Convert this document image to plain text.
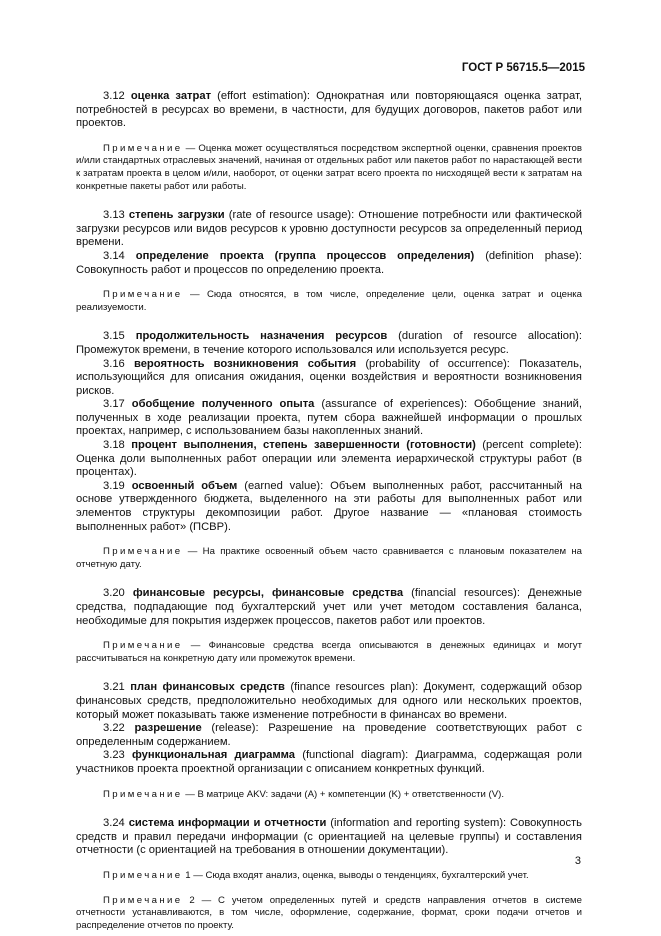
ГОСТ Р 56715.5—2015

3.12 оценка затрат (effort estimation): Однократная или повторяющаяся оценка затрат, потребностей в ресурсах во времени, в частности, для будущих договоров, пакетов работ или проектов.

Примечание — Оценка может осуществляться посредством экспертной оценки, сравнения проектов и/или стандартных отраслевых значений, начиная от отдельных работ или пакетов работ по нарастающей вести к затратам проекта в целом и/или, наоборот, от оценки затрат всего проекта по нисходящей вести к затратам на конкретные пакеты работ или работы.

3.13 степень загрузки (rate of resource usage): Отношение потребности или фактической загрузки ресурсов или видов ресурсов к уровню доступности ресурсов за определенный период времени.

3.14 определение проекта (группа процессов определения) (definition phase): Совокупность работ и процессов по определению проекта.

Примечание — Сюда относятся, в том числе, определение цели, оценка затрат и оценка реализуемости.

3.15 продолжительность назначения ресурсов (duration of resource allocation): Промежуток времени, в течение которого использовался или используется ресурс.

3.16 вероятность возникновения события (probability of occurrence): Показатель, использующийся для описания ожидания, оценки воздействия и вероятности возникновения рисков.

3.17 обобщение полученного опыта (assurance of experiences): Обобщение знаний, полученных в ходе реализации проекта, путем сбора важнейшей информации о прошлых проектах, например, с использованием базы накопленных знаний.

3.18 процент выполнения, степень завершенности (готовности) (percent complete): Оценка доли выполненных работ операции или элемента иерархической структуры работ (в процентах).

3.19 освоенный объем (earned value): Объем выполненных работ, рассчитанный на основе утвержденного бюджета, выделенного на эти работы для выполненных работ или элементов структуры декомпозиции работ. Другое название — «плановая стоимость выполненных работ» (ПСВР).

Примечание — На практике освоенный объем часто сравнивается с плановым показателем на отчетную дату.

3.20 финансовые ресурсы, финансовые средства (financial resources): Денежные средства, подпадающие под бухгалтерский учет или учет методом составления баланса, необходимые для покрытия издержек процессов, пакетов работ или проектов.

Примечание — Финансовые средства всегда описываются в денежных единицах и могут рассчитываться на конкретную дату или промежуток времени.

3.21 план финансовых средств (finance resources plan): Документ, содержащий обзор финансовых средств, предположительно необходимых для одного или нескольких проектов, который может показывать также изменение потребности в финансах во времени.

3.22 разрешение (release): Разрешение на проведение соответствующих работ с определенным содержанием.

3.23 функциональная диаграмма (functional diagram): Диаграмма, содержащая роли участников проекта проектной организации с описанием конкретных функций.

Примечание — В матрице AKV: задачи (A) + компетенции (K) + ответственности (V).

3.24 система информации и отчетности (information and reporting system): Совокупность средств и правил передачи информации (с ориентацией на целевые группы) и составления отчетности (с ориентацией на требования в отношении документации).

Примечание 1 — Сюда входят анализ, оценка, выводы о тенденциях, бухгалтерский учет.

Примечание 2 — С учетом определенных путей и средств направления отчетов в системе отчетности устанавливаются, в том числе, оформление, содержание, формат, сроки подачи отчетов и распределение отчетов по проекту.

3
